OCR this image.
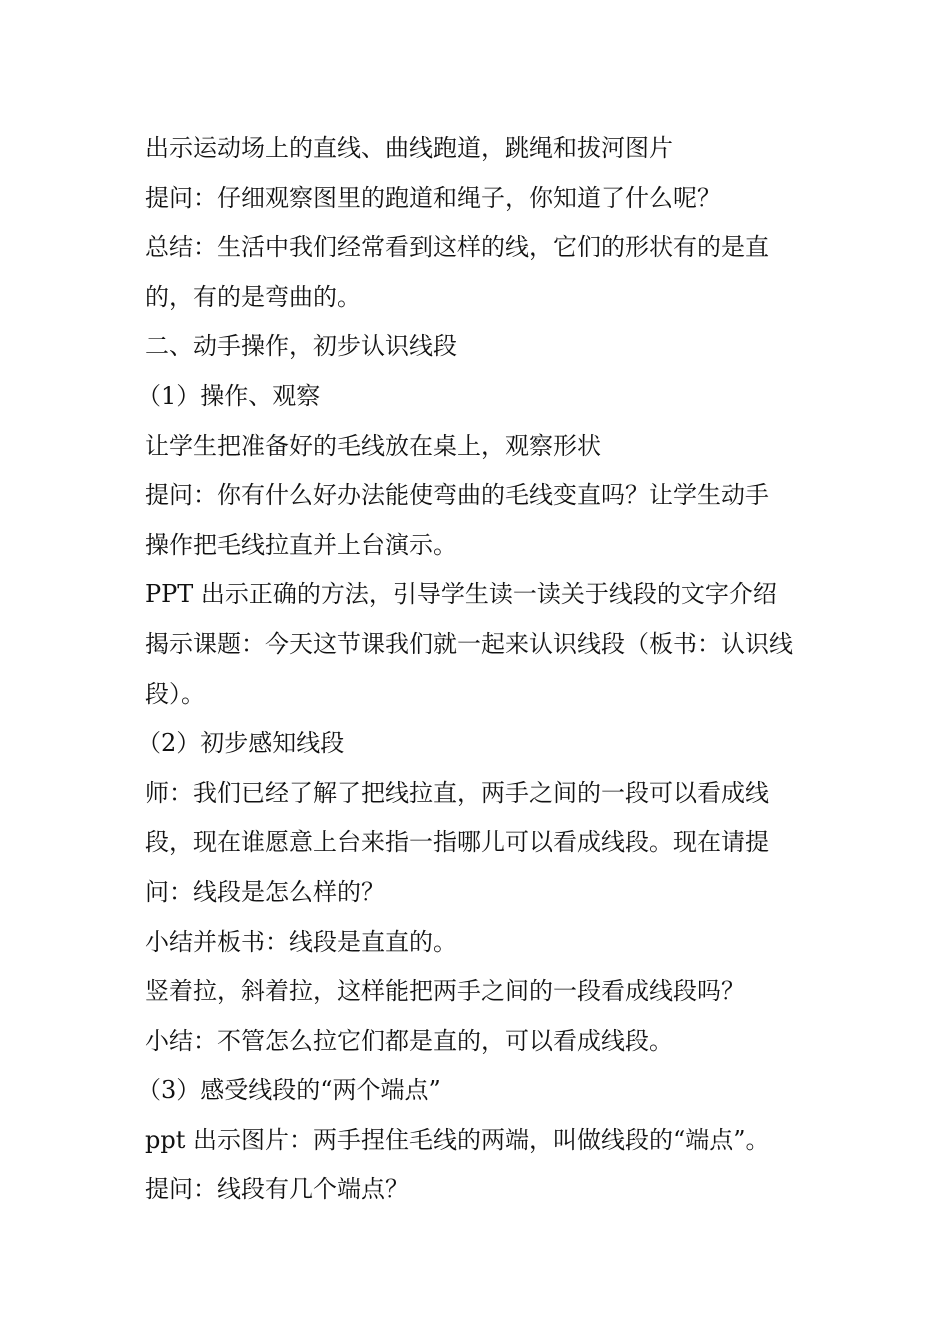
出示运动场上的直线、曲线跑道，跳绳和拔河图片
提问：仔细观察图里的跑道和绳子，你知道了什么呢？
总结：生活中我们经常看到这样的线，它们的形状有的是直
的，有的是弯曲的。
二、动手操作，初步认识线段
（1）操作、观察
让学生把准备好的毛线放在桌上，观察形状
提问：你有什么好办法能使弯曲的毛线变直吗？让学生动手
操作把毛线拉直并上台演示。
PPT 出示正确的方法，引导学生读一读关于线段的文字介绍
揭示课题：今天这节课我们就一起来认识线段（板书：认识线
段）。
（2）初步感知线段
师：我们已经了解了把线拉直，两手之间的一段可以看成线
段，现在谁愿意上台来指一指哪儿可以看成线段。现在请提
问：线段是怎么样的？
小结并板书：线段是直直的。
竖着拉，斜着拉，这样能把两手之间的一段看成线段吗？
小结：不管怎么拉它们都是直的，可以看成线段。
（3）感受线段的“两个端点”
ppt 出示图片：两手捏住毛线的两端，叫做线段的“端点”。
提问：线段有几个端点？
